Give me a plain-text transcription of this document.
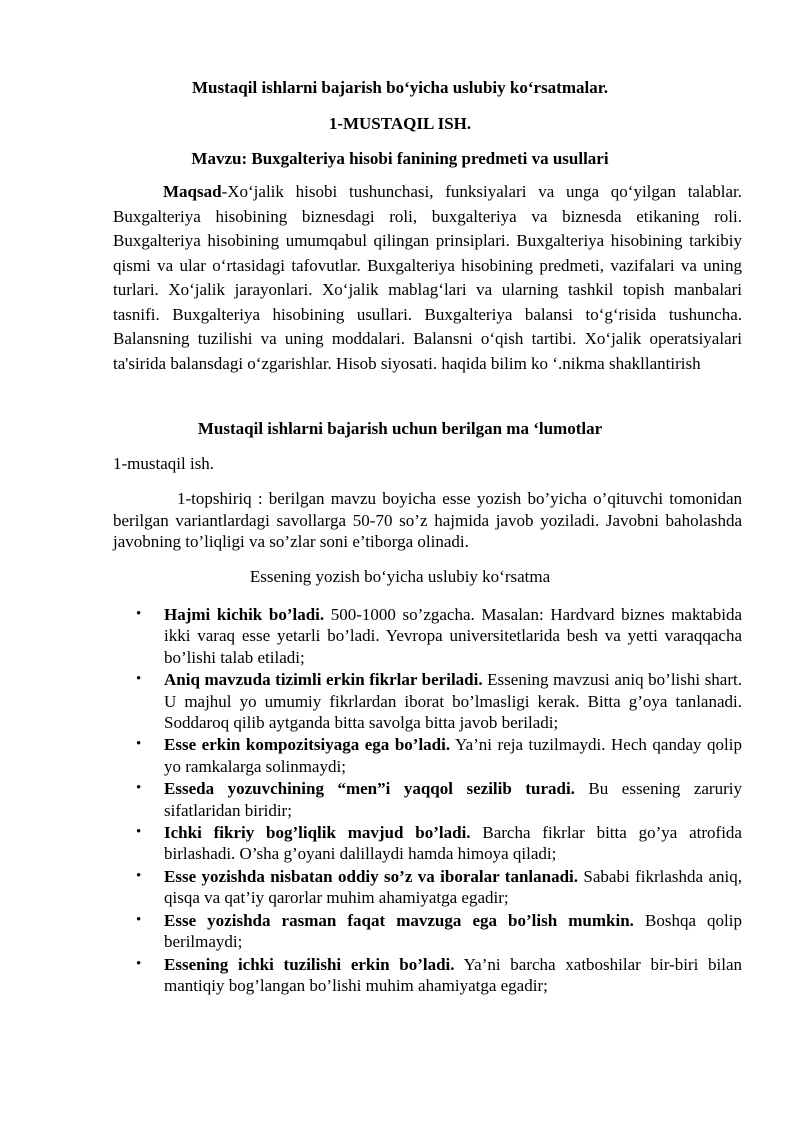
Mustaqil ishlarni bajarish bo‘yicha uslubiy ko‘rsatmalar.
1-MUSTAQIL ISH.
Mavzu: Buxgalteriya hisobi fanining predmeti va usullari
Maqsad-Xo‘jalik hisobi tushunchasi, funksiyalari va unga qo‘yilgan talablar. Buxgalteriya hisobining biznesdagi roli, buxgalteriya va biznesda etikaning roli. Buxgalteriya hisobining umumqabul qilingan prinsiplari. Buxgalteriya hisobining tarkibiy qismi va ular o‘rtasidagi tafovutlar. Buxgalteriya hisobining predmeti, vazifalari va uning turlari. Xo‘jalik jarayonlari. Xo‘jalik mablag‘lari va ularning tashkil topish manbalari tasnifi. Buxgalteriya hisobining usullari. Buxgalteriya balansi to‘g‘risida tushuncha. Balansning tuzilishi va uning moddalari. Balansni o‘qish tartibi. Xo‘jalik operatsiyalari ta'sirida balansdagi o‘zgarishlar. Hisob siyosati. haqida bilim ko ‘.nikma shakllantirish
Mustaqil ishlarni bajarish uchun berilgan ma ‘lumotlar
1-mustaqil ish.
1-topshiriq : berilgan mavzu boyicha esse yozish bo’yicha o’qituvchi tomonidan berilgan variantlardagi savollarga 50-70 so’z hajmida javob yoziladi. Javobni baholashda javobning to’liqligi va so’zlar soni e’tiborga olinadi.
Essening yozish bo‘yicha uslubiy ko‘rsatma
• Hajmi kichik bo’ladi. 500-1000 so’zgacha. Masalan: Hardvard biznes maktabida ikki varaq esse yetarli bo’ladi. Yevropa universitetlarida besh va yetti varaqqacha bo’lishi talab etiladi;
• Aniq mavzuda tizimli erkin fikrlar beriladi. Essening mavzusi aniq bo’lishi shart. U majhul yo umumiy fikrlardan iborat bo’lmasligi kerak. Bitta g’oya tanlanadi. Soddaroq qilib aytganda bitta savolga bitta javob beriladi;
• Esse erkin kompozitsiyaga ega bo’ladi. Ya’ni reja tuzilmaydi. Hech qanday qolip yo ramkalarga solinmaydi;
• Esseda yozuvchining “men”i yaqqol sezilib turadi. Bu essening zaruriy sifatlaridan biridir;
• Ichki fikriy bog’liqlik mavjud bo’ladi. Barcha fikrlar bitta go’ya atrofida birlashadi. O’sha g’oyani dalillaydi hamda himoya qiladi;
• Esse yozishda nisbatan oddiy so’z va iboralar tanlanadi. Sababi fikrlashda aniq, qisqa va qat’iy qarorlar muhim ahamiyatga egadir;
• Esse yozishda rasman faqat mavzuga ega bo’lish mumkin. Boshqa qolip berilmaydi;
• Essening ichki tuzilishi erkin bo’ladi. Ya’ni barcha xatboshilar bir-biri bilan mantiqiy bog’langan bo’lishi muhim ahamiyatga egadir;
